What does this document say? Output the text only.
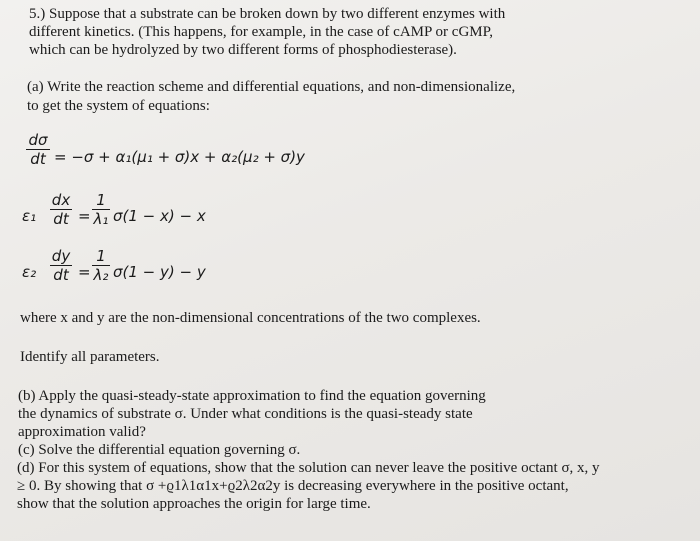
5.) Suppose that a substrate can be broken down by two different enzymes with
different kinetics. (This happens, for example, in the case of cAMP or cGMP,
which can be hydrolyzed by two different forms of phosphodiesterase).
(a) Write the reaction scheme and differential equations, and non-dimensionalize,
to get the system of equations:
dσ
dt = −σ + α₁(μ₁ + σ)x + α₂(μ₂ + σ)y
ε₁
dx
dt =
1
λ₁ σ(1 − x) − x
ε₂
dy
dt =
1
λ₂ σ(1 − y) − y
where x and y are the non-dimensional concentrations of the two complexes.
Identify all parameters.
(b) Apply the quasi-steady-state approximation to find the equation governing
the dynamics of substrate σ. Under what conditions is the quasi-steady state
approximation valid?
(c) Solve the differential equation governing σ.
(d) For this system of equations, show that the solution can never leave the positive octant σ, x, y
≥ 0. By showing that σ +ϱ1λ1α1x+ϱ2λ2α2y is decreasing everywhere in the positive octant,
show that the solution approaches the origin for large time.
